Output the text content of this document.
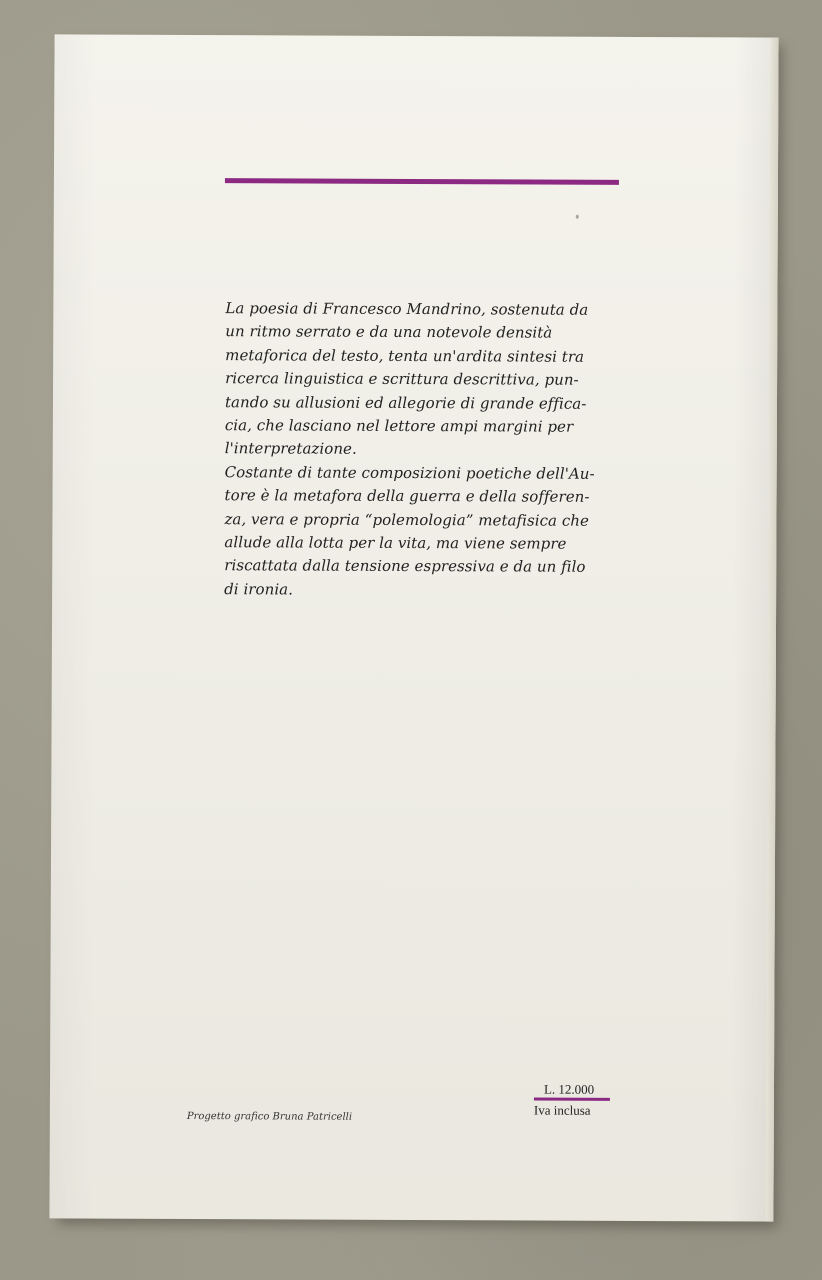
La poesia di Francesco Mandrino, sostenuta da
un ritmo serrato e da una notevole densità
metaforica del testo, tenta un'ardita sintesi tra
ricerca linguistica e scrittura descrittiva, pun-
tando su allusioni ed allegorie di grande effica-
cia, che lasciano nel lettore ampi margini per
l'interpretazione.

Costante di tante composizioni poetiche dell'Au-
tore è la metafora della guerra e della sofferen-
za, vera e propria “polemologia” metafisica che
allude alla lotta per la vita, ma viene sempre
riscattata dalla tensione espressiva e da un filo
di ironia.

Progetto grafico Bruna Patricelli
L. 12.000
Iva inclusa
